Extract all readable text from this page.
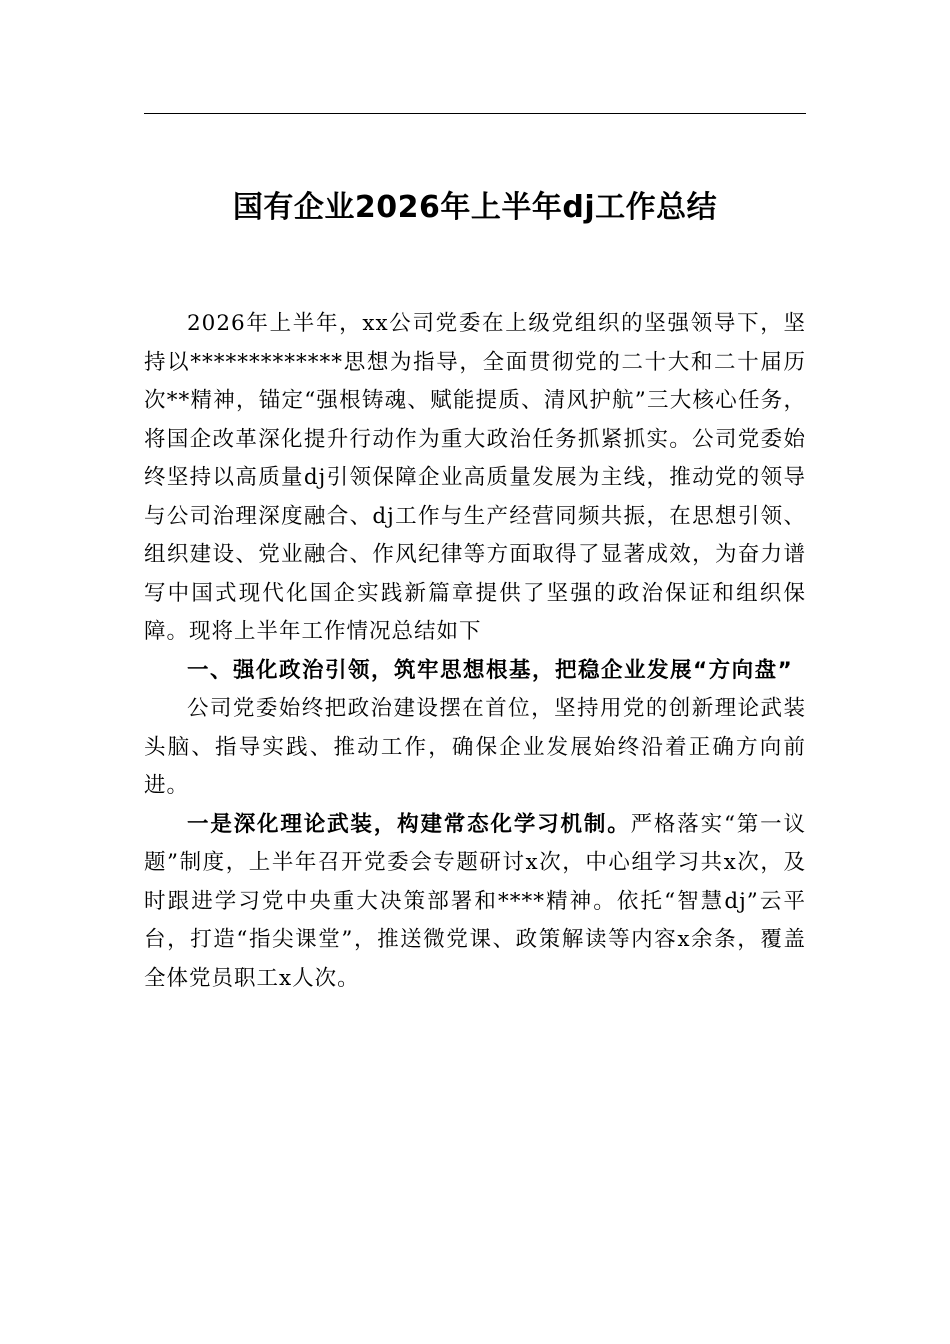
国有企业2026年上半年dj工作总结

2026年上半年，xx公司党委在上级党组织的坚强领导下，坚持以*************思想为指导，全面贯彻党的二十大和二十届历次**精神，锚定“强根铸魂、赋能提质、清风护航”三大核心任务，将国企改革深化提升行动作为重大政治任务抓紧抓实。公司党委始终坚持以高质量dj引领保障企业高质量发展为主线，推动党的领导与公司治理深度融合、dj工作与生产经营同频共振，在思想引领、组织建设、党业融合、作风纪律等方面取得了显著成效，为奋力谱写中国式现代化国企实践新篇章提供了坚强的政治保证和组织保障。现将上半年工作情况总结如下

一、强化政治引领，筑牢思想根基，把稳企业发展“方向盘”

公司党委始终把政治建设摆在首位，坚持用党的创新理论武装头脑、指导实践、推动工作，确保企业发展始终沿着正确方向前进。

一是深化理论武装，构建常态化学习机制。严格落实“第一议题”制度，上半年召开党委会专题研讨x次，中心组学习共x次，及时跟进学习党中央重大决策部署和****精神。依托“智慧dj”云平台，打造“指尖课堂”，推送微党课、政策解读等内容x余条，覆盖全体党员职工x人次。
